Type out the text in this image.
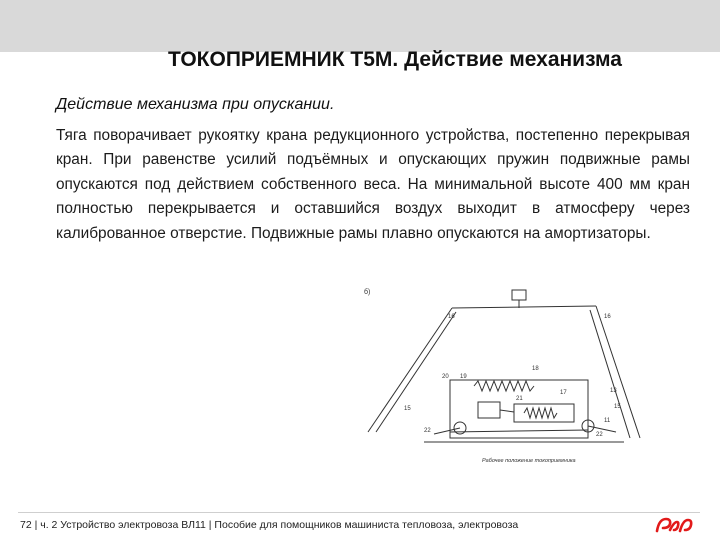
ТОКОПРИЕМНИК Т5М. Действие механизма
Действие механизма при опускании.
Тяга поворачивает рукоятку крана редукционного устройства, постепенно перекрывая кран. При равенстве усилий подъёмных и опускающих пружин подвижные рамы опускаются под действием собственного веса. На минимальной высоте 400 мм кран полностью перекрывается и оставшийся воздух выходит в атмосферу через калиброванное отверстие. Подвижные рамы плавно опускаются на амортизаторы.
б)
16	16
20
18
19
15	15
22
22
17
11
21
13
Рабочее положение токоприемника
72 | ч. 2 Устройство электровоза ВЛ11 | Пособие для помощников машиниста тепловоза, электровоза
